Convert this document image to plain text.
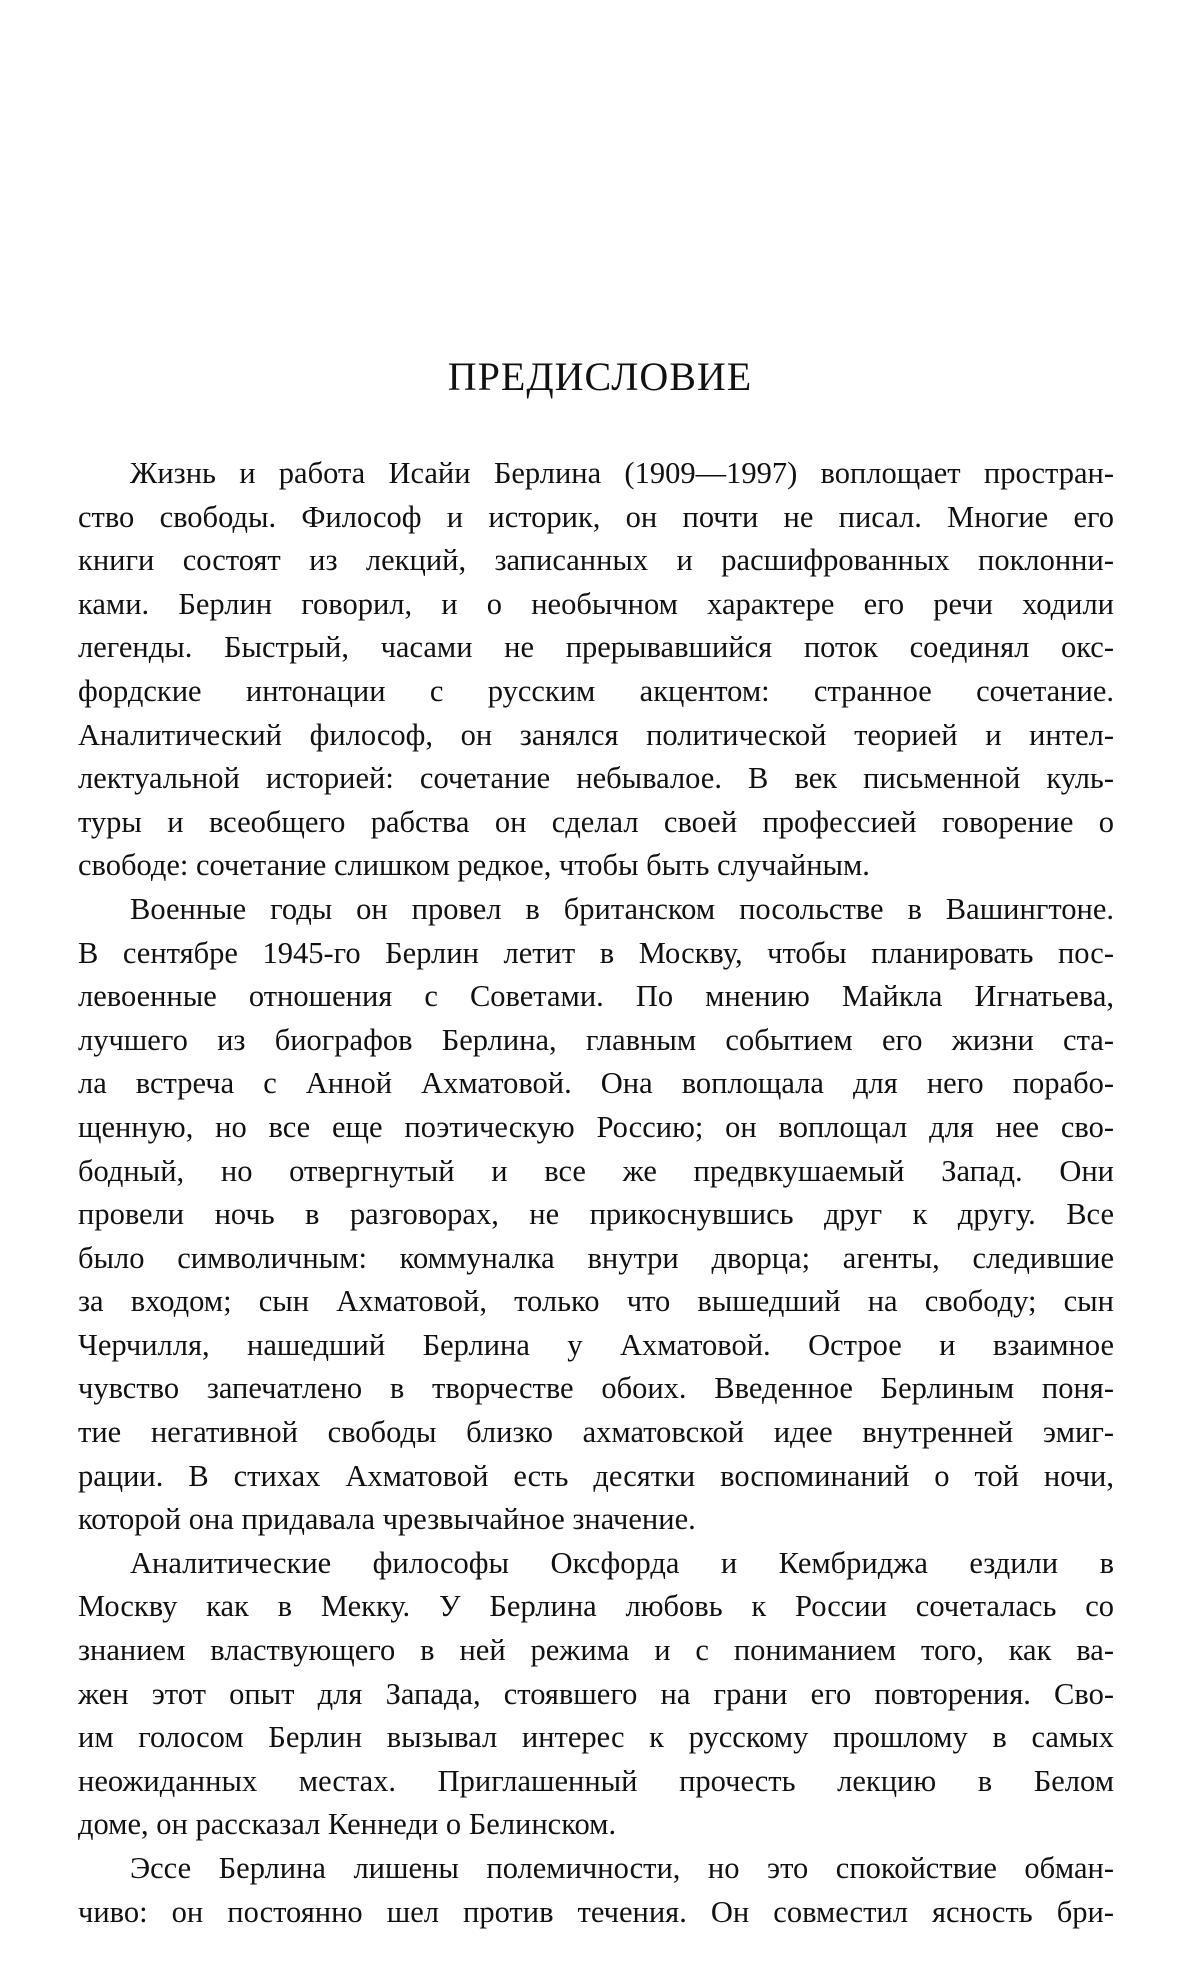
ПРЕДИСЛОВИЕ
Жизнь и работа Исайи Берлина (1909—1997) воплощает простран-
ство свободы. Философ и историк, он почти не писал. Многие его
книги состоят из лекций, записанных и расшифрованных поклонни-
ками. Берлин говорил, и о необычном характере его речи ходили
легенды. Быстрый, часами не прерывавшийся поток соединял окс-
фордские интонации с русским акцентом: странное сочетание.
Аналитический философ, он занялся политической теорией и интел-
лектуальной историей: сочетание небывалое. В век письменной куль-
туры и всеобщего рабства он сделал своей профессией говорение о
свободе: сочетание слишком редкое, чтобы быть случайным.
Военные годы он провел в британском посольстве в Вашингтоне.
В сентябре 1945-го Берлин летит в Москву, чтобы планировать пос-
левоенные отношения с Советами. По мнению Майкла Игнатьева,
лучшего из биографов Берлина, главным событием его жизни ста-
ла встреча с Анной Ахматовой. Она воплощала для него порабо-
щенную, но все еще поэтическую Россию; он воплощал для нее сво-
бодный, но отвергнутый и все же предвкушаемый Запад. Они
провели ночь в разговорах, не прикоснувшись друг к другу. Все
было символичным: коммуналка внутри дворца; агенты, следившие
за входом; сын Ахматовой, только что вышедший на свободу; сын
Черчилля, нашедший Берлина у Ахматовой. Острое и взаимное
чувство запечатлено в творчестве обоих. Введенное Берлиным поня-
тие негативной свободы близко ахматовской идее внутренней эмиг-
рации. В стихах Ахматовой есть десятки воспоминаний о той ночи,
которой она придавала чрезвычайное значение.
Аналитические философы Оксфорда и Кембриджа ездили в
Москву как в Мекку. У Берлина любовь к России сочеталась со
знанием властвующего в ней режима и с пониманием того, как ва-
жен этот опыт для Запада, стоявшего на грани его повторения. Сво-
им голосом Берлин вызывал интерес к русскому прошлому в самых
неожиданных местах. Приглашенный прочесть лекцию в Белом
доме, он рассказал Кеннеди о Белинском.
Эссе Берлина лишены полемичности, но это спокойствие обман-
чиво: он постоянно шел против течения. Он совместил ясность бри-
